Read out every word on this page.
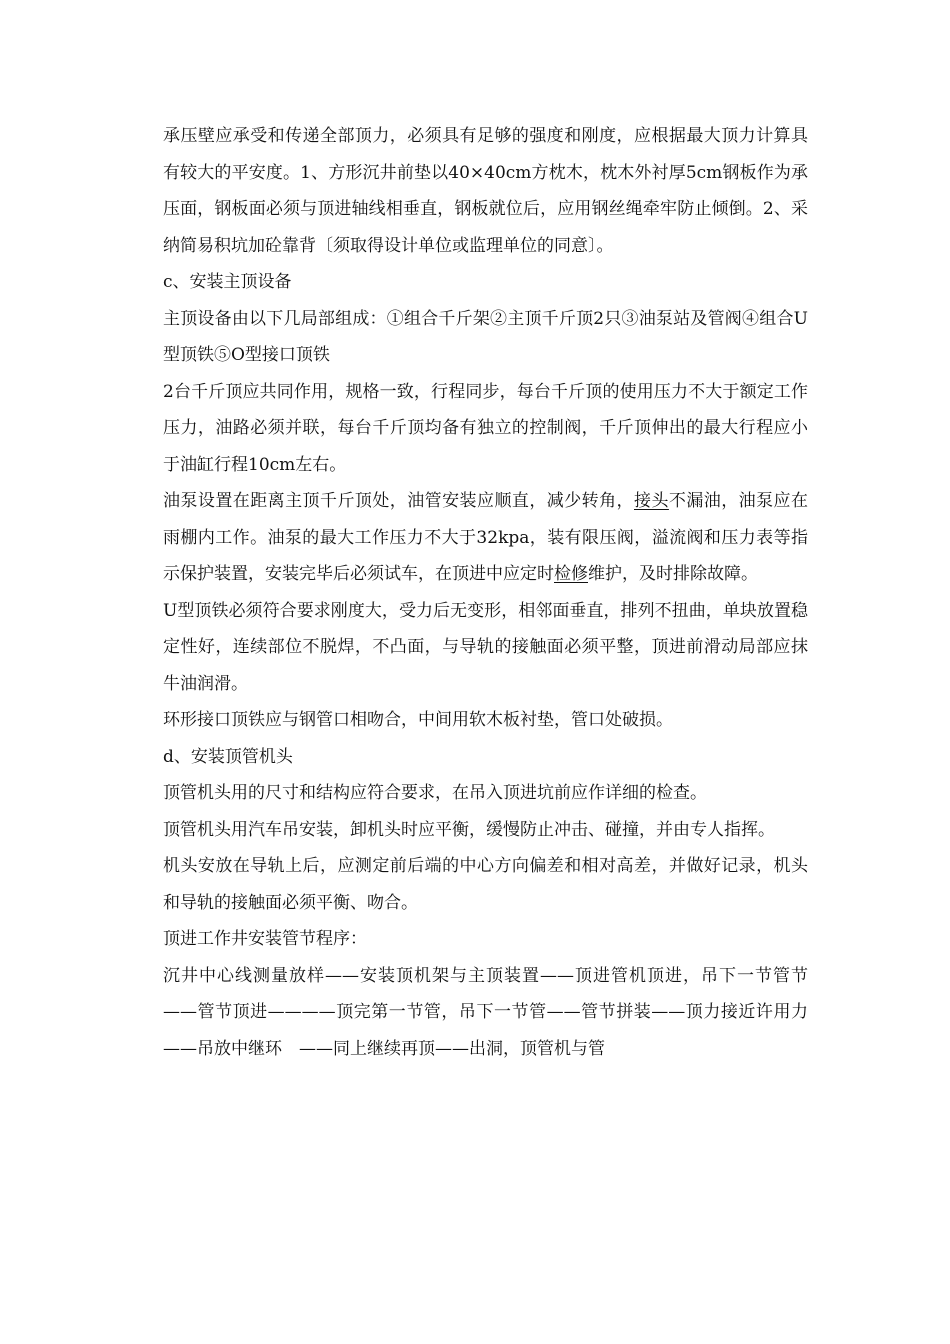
承压壁应承受和传递全部顶力，必须具有足够的强度和刚度，应根据最大顶力计算具有较大的平安度。1、方形沉井前垫以40×40cm方枕木，枕木外衬厚5cm钢板作为承压面，钢板面必须与顶进轴线相垂直，钢板就位后，应用钢丝绳牵牢防止倾倒。2、采纳简易积坑加砼靠背〔须取得设计单位或监理单位的同意〕。

c、安装主顶设备

主顶设备由以下几局部组成：①组合千斤架②主顶千斤顶2只③油泵站及管阀④组合U型顶铁⑤O型接口顶铁

2台千斤顶应共同作用，规格一致，行程同步，每台千斤顶的使用压力不大于额定工作压力，油路必须并联，每台千斤顶均备有独立的控制阀，千斤顶伸出的最大行程应小于油缸行程10cm左右。

油泵设置在距离主顶千斤顶处，油管安装应顺直，减少转角，接头不漏油，油泵应在雨棚内工作。油泵的最大工作压力不大于32kpa，装有限压阀，溢流阀和压力表等指示保护装置，安装完毕后必须试车，在顶进中应定时检修维护，及时排除故障。

U型顶铁必须符合要求刚度大，受力后无变形，相邻面垂直，排列不扭曲，单块放置稳定性好，连续部位不脱焊，不凸面，与导轨的接触面必须平整，顶进前滑动局部应抹牛油润滑。

环形接口顶铁应与钢管口相吻合，中间用软木板衬垫，管口处破损。

d、安装顶管机头

顶管机头用的尺寸和结构应符合要求，在吊入顶进坑前应作详细的检查。

顶管机头用汽车吊安装，卸机头时应平衡，缓慢防止冲击、碰撞，并由专人指挥。

机头安放在导轨上后，应测定前后端的中心方向偏差和相对高差，并做好记录，机头和导轨的接触面必须平衡、吻合。

顶进工作井安装管节程序：

沉井中心线测量放样——安装顶机架与主顶装置——顶进管机顶进，吊下一节管节——管节顶进————顶完第一节管，吊下一节管——管节拼装——顶力接近许用力——吊放中继环　——同上继续再顶——出洞，顶管机与管
